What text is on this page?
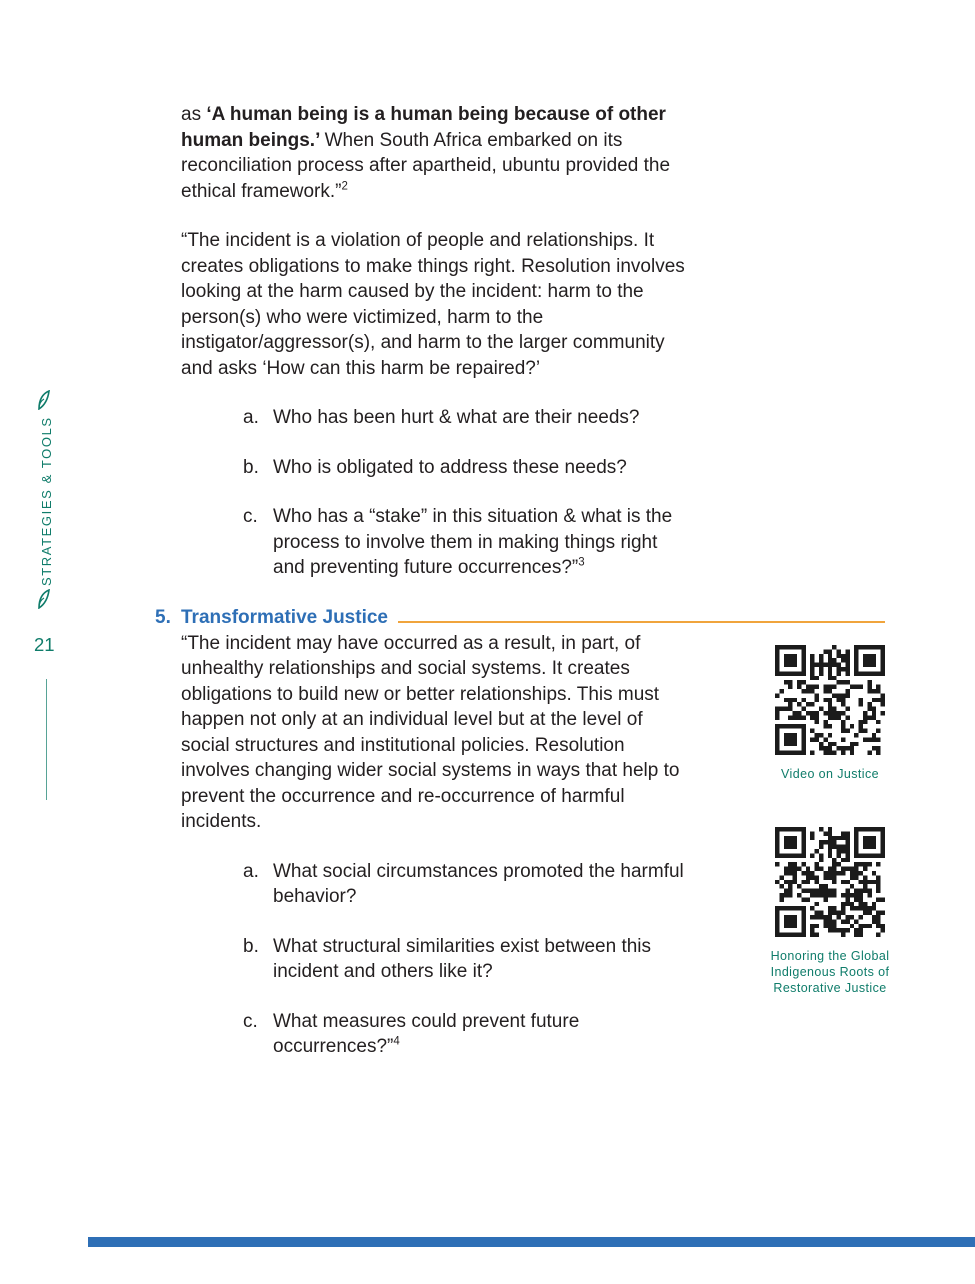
STRATEGIES & TOOLS
21

as ‘A human being is a human being because of other human beings.’ When South Africa embarked on its reconciliation process after apartheid, ubuntu provided the ethical framework.”$^2$

“The incident is a violation of people and relationships. It creates obligations to make things right. Resolution involves looking at the harm caused by the incident: harm to the person(s) who were victimized, harm to the instigator/aggressor(s), and harm to the larger community and asks ‘How can this harm be repaired?’

a. Who has been hurt & what are their needs?
b. Who is obligated to address these needs?
c. Who has a “stake” in this situation & what is the process to involve them in making things right and preventing future occurrences?”$^3$
5. Transformative Justice

“The incident may have occurred as a result, in part, of unhealthy relationships and social systems. It creates obligations to build new or better relationships. This must happen not only at an individual level but at the level of social structures and institutional policies. Resolution involves changing wider social systems in ways that help to prevent the occurrence and re-occurrence of harmful incidents.

a. What social circumstances promoted the harmful behavior?
b. What structural similarities exist between this incident and others like it?
c. What measures could prevent future occurrences?”$^4$
Video on Justice
Honoring the Global Indigenous Roots of Restorative Justice
